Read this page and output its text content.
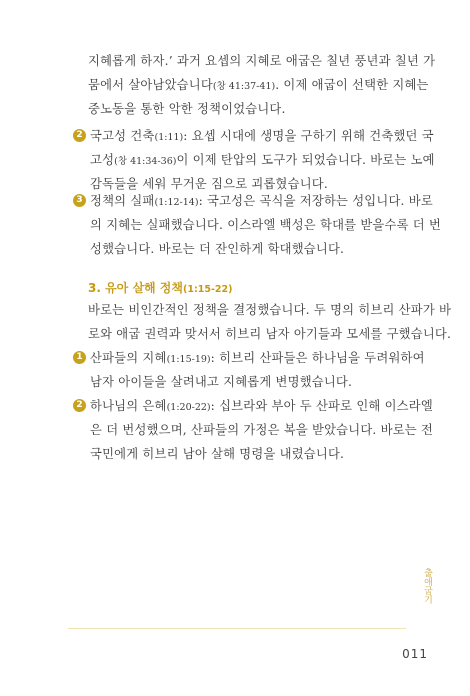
지혜롭게 하자.’ 과거 요셉의 지혜로 애굽은 칠년 풍년과 칠년 가
뭄에서 살아남았습니다(창 41:37-41). 이제 애굽이 선택한 지혜는
중노동을 통한 악한 정책이었습니다.
2 국고성 건축(1:11): 요셉 시대에 생명을 구하기 위해 건축했던 국
고성(창 41:34-36)이 이제 탄압의 도구가 되었습니다. 바로는 노예
감독들을 세워 무거운 짐으로 괴롭혔습니다.
3 정책의 실패(1:12-14): 국고성은 곡식을 저장하는 성입니다. 바로
의 지혜는 실패했습니다. 이스라엘 백성은 학대를 받을수록 더 번
성했습니다. 바로는 더 잔인하게 학대했습니다.
3. 유아 살해 정책(1:15-22)
바로는 비인간적인 정책을 결정했습니다. 두 명의 히브리 산파가 바
로와 애굽 권력과 맞서서 히브리 남자 아기들과 모세를 구했습니다.
1 산파들의 지혜(1:15-19): 히브리 산파들은 하나님을 두려워하여
남자 아이들을 살려내고 지혜롭게 변명했습니다.
2 하나님의 은혜(1:20-22): 십브라와 부아 두 산파로 인해 이스라엘
은 더 번성했으며, 산파들의 가정은 복을 받았습니다. 바로는 전
국민에게 히브리 남아 살해 명령을 내렸습니다.
출애굽기
011
